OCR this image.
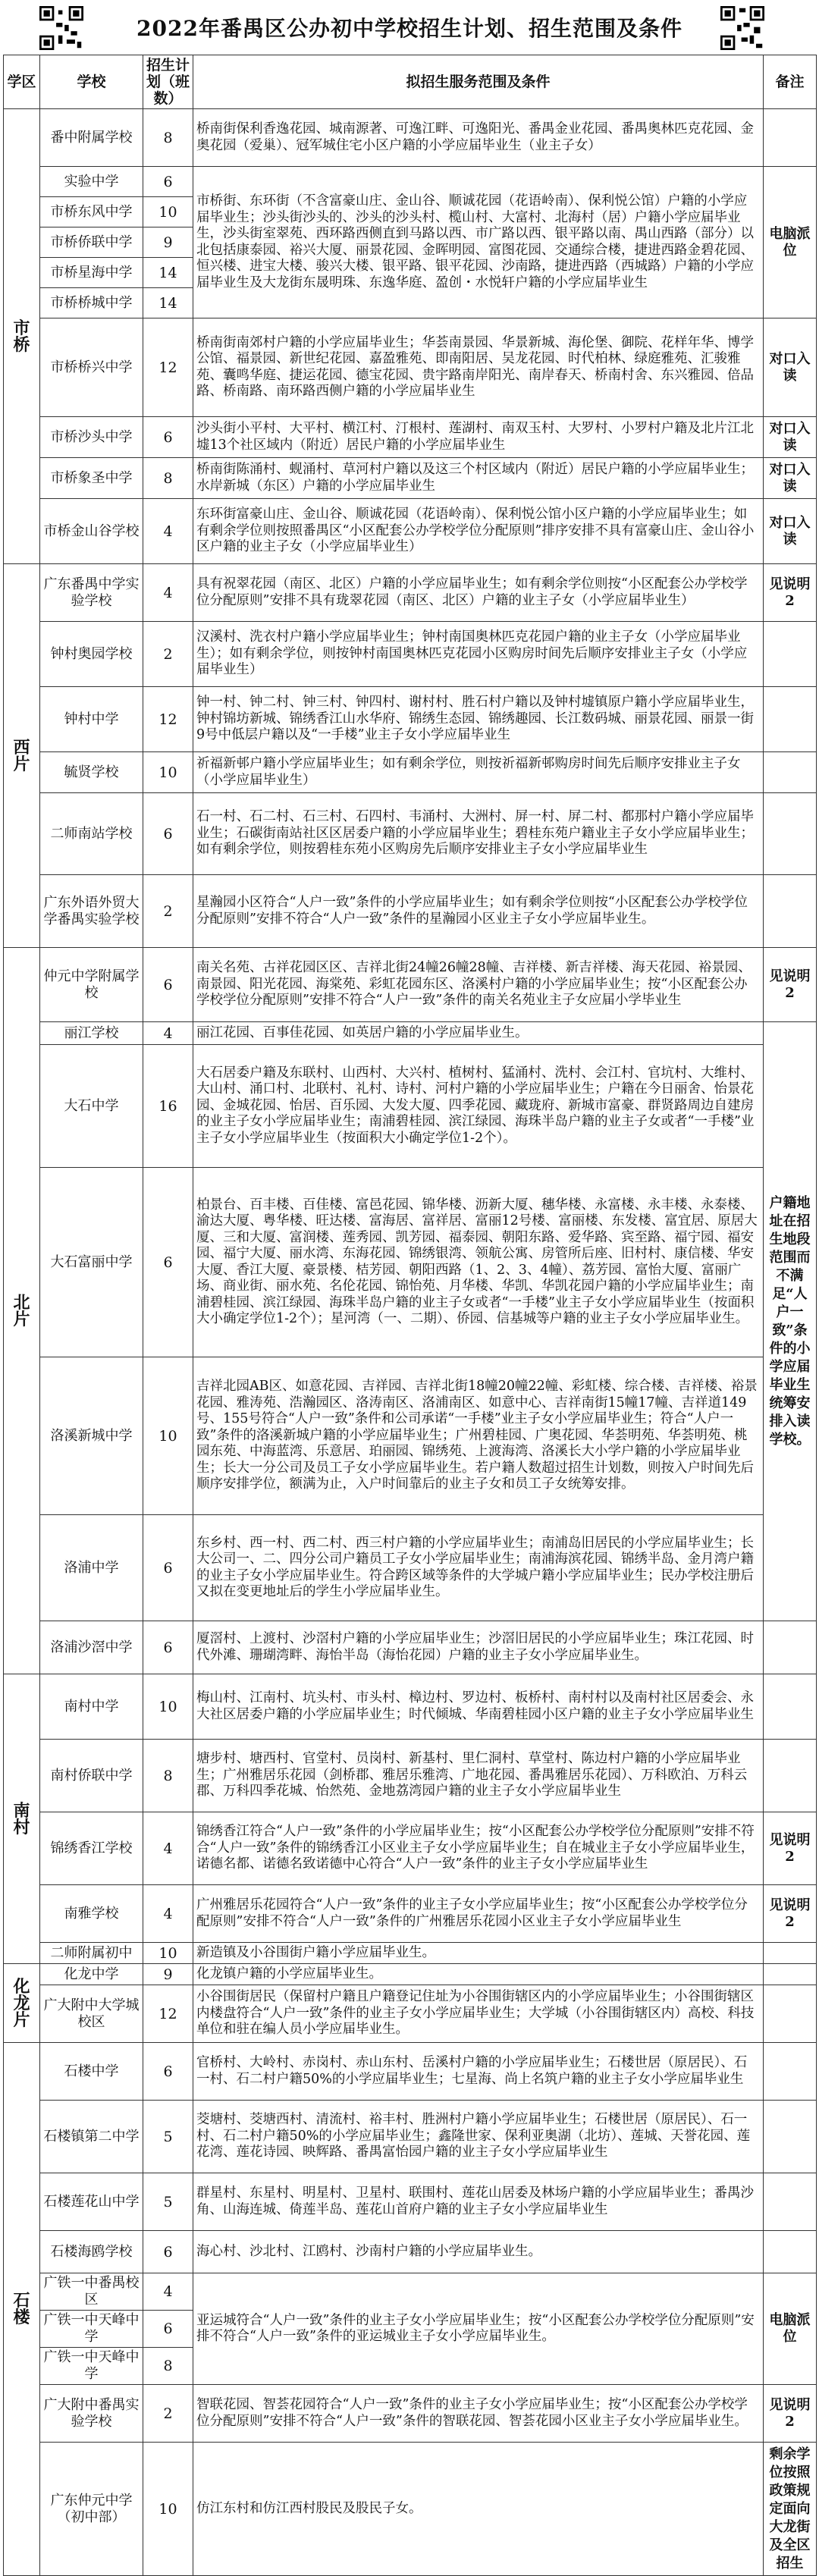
2022年番禺区公办初中学校招生计划、招生范围及条件
学区	学校	招生计划（班数）	拟招生服务范围及条件	备注
市桥	番中附属学校	8	桥南街保利香逸花园、城南源著、可逸江畔、可逸阳光、番禺金业花园、番禺奥林匹克花园、金奥花园（爱巢）、冠军城住宅小区户籍的小学应届毕业生（业主子女）	
	实验中学	6	市桥街、东环街（不含富豪山庄、金山谷、顺诚花园（花语岭南）、保利悦公馆）户籍的小学应届毕业生；沙头街沙头的、沙头的沙头村、榄山村、大富村、北海村（居）户籍小学应届毕业生，沙头街室翠苑、西环路西侧直到马路以西、市广路以西、银平路以南、禺山西路（部分）以北包括康泰园、裕兴大厦、丽景花园、金晖明园、富图花园、交通综合楼，捷进西路金碧花园、恒兴楼、进宝大楼、骏兴大楼、银平路、银平花园、沙南路，捷进西路（西城路）户籍的小学应届毕业生及大龙街东晟明珠、东逸华庭、盈创・水悦轩户籍的小学应届毕业生	电脑派位
	市桥东风中学	10		
	市桥侨联中学	9		
	市桥星海中学	14		
	市桥桥城中学	14		
	市桥桥兴中学	12	桥南街南郊村户籍的小学应届毕业生；华荟南景园、华景新城、海伦堡、御院、花样年华、博学公馆、福景园、新世纪花园、嘉盈雅苑、即南阳居、吴龙花园、时代柏林、绿庭雅苑、汇骏雅苑、囊鸣华庭、捷运花园、德宝花园、贵宇路南岸阳光、南岸春天、桥南村舍、东兴雅园、倍品路、桥南路、南环路西侧户籍的小学应届毕业生	对口入读
	市桥沙头中学	6	沙头街小平村、大平村、横江村、汀根村、莲湖村、南双玉村、大罗村、小罗村户籍及北片江北墟13个社区域内（附近）居民户籍的小学应届毕业生	对口入读
	市桥象圣中学	8	桥南街陈涌村、蚬涌村、草河村户籍以及这三个村区域内（附近）居民户籍的小学应届毕业生；水岸新城（东区）户籍的小学应届毕业生	对口入读
	市桥金山谷学校	4	东环街富豪山庄、金山谷、顺诚花园（花语岭南）、保利悦公馆小区户籍的小学应届毕业生；如有剩余学位则按照番禺区“小区配套公办学校学位分配原则”排序安排不具有富豪山庄、金山谷小区户籍的业主子女（小学应届毕业生）	对口入读
西片	广东番禺中学实验学校	4	具有祝翠花园（南区、北区）户籍的小学应届毕业生；如有剩余学位则按“小区配套公办学校学位分配原则”安排不具有珑翠花园（南区、北区）户籍的业主子女（小学应届毕业生）	见说明2
	钟村奥园学校	2	汉溪村、洗衣村户籍小学应届毕业生；钟村南国奥林匹克花园户籍的业主子女（小学应届毕业生）；如有剩余学位，则按钟村南国奥林匹克花园小区购房时间先后顺序安排业主子女（小学应届毕业生）	
	钟村中学	12	钟一村、钟二村、钟三村、钟四村、谢村村、胜石村户籍以及钟村墟镇原户籍小学应届毕业生，钟村锦坊新城、锦绣香江山水华府、锦绣生态园、锦绣趣园、长江数码城、丽景花园、丽景一街9号中低层户籍以及“一手楼”业主子女小学应届毕业生	
	毓贤学校	10	祈福新邨户籍小学应届毕业生；如有剩余学位，则按祈福新邨购房时间先后顺序安排业主子女（小学应届毕业生）	
	二师南站学校	6	石一村、石二村、石三村、石四村、韦涌村、大洲村、屏一村、屏二村、都那村户籍小学应届毕业生；石碳街南站社区区居委户籍的小学应届毕业生；碧桂东苑户籍业主子女小学应届毕业生；如有剩余学位，则按碧桂东苑小区购房先后顺序安排业主子女小学应届毕业生	
	广东外语外贸大学番禺实验学校	2	星瀚园小区符合“人户一致”条件的小学应届毕业生；如有剩余学位则按“小区配套公办学校学位分配原则”安排不符合“人户一致”条件的星瀚园小区业主子女小学应届毕业生。	
北片	仲元中学附属学校	6	南关名苑、古祥花园区区、吉祥北街24幢26幢28幢、吉祥楼、新吉祥楼、海天花园、裕景园、南景园、阳光花园、海棠苑、彩虹花园东区、洛溪村户籍的小学应届毕业生；按“小区配套公办学校学位分配原则”安排不符合“人户一致”条件的南关名苑业主子女应届小学毕业生	见说明2
	丽江学校	4	丽江花园、百事佳花园、如英居户籍的小学应届毕业生。	户籍地址在招生地段范围而不满足“人户一致”条件的小学应届毕业生统筹安排入读学校。
	大石中学	16	大石居委户籍及东联村、山西村、大兴村、植树村、猛涌村、洗村、会江村、官坑村、大维村、大山村、涌口村、北联村、礼村、诗村、河村户籍的小学应届毕业生；户籍在今日丽舍、怡景花园、金城花园、怡居、百乐园、大发大厦、四季花园、藏珑府、新城市富豪、群贤路周边自建房的业主子女小学应届毕业生；南浦碧桂园、滨江绿园、海珠半岛户籍的业主子女或者“一手楼”业主子女小学应届毕业生（按面积大小确定学位1-2个）。	
	大石富丽中学	6	柏景台、百丰楼、百佳楼、富邑花园、锦华楼、沥新大厦、穗华楼、永富楼、永丰楼、永泰楼、渝达大厦、粤华楼、旺达楼、富海居、富祥居、富丽12号楼、富丽楼、东发楼、富宜居、原居大厦、三和大厦、富润楼、莲秀园、凯芳园、福泰园、朝阳东路、爱华路、宾至路、福宁园、福安园、福宁大厦、丽水湾、东海花园、锦绣银湾、领航公寓、房管所后座、旧村村、康信楼、华安大厦、香江大厦、豪景楼、桔芳园、朝阳西路（1、2、3、4幢）、荔芳园、富怡大厦、富丽广场、商业街、丽水苑、名伦花园、锦怡苑、月华楼、华凯、华凯花园户籍的小学应届毕业生；南浦碧桂园、滨江绿园、海珠半岛户籍的业主子女或者“一手楼”业主子女小学应届毕业生（按面积大小确定学位1-2个）；星河湾（一、二期）、侨园、信基城等户籍的业主子女小学应届毕业生。	
	洛溪新城中学	10	吉祥北园AB区、如意花园、吉祥园、吉祥北街18幢20幢22幢、彩虹楼、综合楼、吉祥楼、裕景花园、雅涛苑、浩瀚园区、洛涛南区、洛浦南区、如意中心、吉祥南街15幢17幢、吉祥道149号、155号符合“人户一致”条件和公司承诺“一手楼”业主子女小学应届毕业生；符合“人户一致”条件的洛溪新城户籍的小学应届毕业生；广州碧桂园、广奥花园、华荟明苑、华荟明苑、桃园东苑、中海蓝湾、乐意居、珀丽园、锦绣苑、上渡海湾、洛溪长大小学户籍的小学应届毕业生；长大一分公司及员工子女小学应届毕业生。若户籍人数超过招生计划数，则按入户时间先后顺序安排学位，额满为止，入户时间靠后的业主子女和员工子女统筹安排。	
	洛浦中学	6	东乡村、西一村、西二村、西三村户籍的小学应届毕业生；南浦岛旧居民的小学应届毕业生；长大公司一、二、四分公司户籍员工子女小学应届毕业生；南浦海滨花园、锦绣半岛、金月湾户籍的业主子女小学应届毕业生。符合跨区域等条件的大学城户籍小学应届毕业生；民办学校注册后又拟在变更地址后的学生小学应届毕业生。	
	洛浦沙滘中学	6	厦滘村、上渡村、沙滘村户籍的小学应届毕业生；沙滘旧居民的小学应届毕业生；珠江花园、时代外滩、珊瑚湾畔、海怡半岛（海怡花园）户籍的业主子女小学应届毕业生。	
南村	南村中学	10	梅山村、江南村、坑头村、市头村、樟边村、罗边村、板桥村、南村村以及南村社区居委会、永大社区居委户籍的小学应届毕业生；时代倾城、华南碧桂园小区户籍的业主子女小学应届毕业生	
	南村侨联中学	8	塘步村、塘西村、官堂村、员岗村、新基村、里仁洞村、草堂村、陈边村户籍的小学应届毕业生；广州雅居乐花园（剑桥郡、雅居乐雅湾、广地花园、番禺雅居乐花园）、万科欧泊、万科云郡、万科四季花城、怡然苑、金地荔湾园户籍的业主子女小学应届毕业生	
	锦绣香江学校	4	锦绣香江符合“人户一致”条件的小学应届毕业生；按“小区配套公办学校学位分配原则”安排不符合“人户一致”条件的锦绣香江小区业主子女小学应届毕业生；自在城业主子女小学应届毕业生，诺德名都、诺德名致诺德中心符合“人户一致”条件的业主子女小学应届毕业生	见说明2
	南雅学校	4	广州雅居乐花园符合“人户一致”条件的业主子女小学应届毕业生；按“小区配套公办学校学位分配原则”安排不符合“人户一致”条件的广州雅居乐花园小区业主子女小学应届毕业生	见说明2
	二师附属初中	10	新造镇及小谷围街户籍小学应届毕业生。	
化龙片	化龙中学	9	化龙镇户籍的小学应届毕业生。	
	广大附中大学城校区	12	小谷围街居民（保留村户籍且户籍登记住址为小谷围街辖区内的小学应届毕业生；小谷围街辖区内楼盘符合“人户一致”条件的业主子女小学应届毕业生；大学城（小谷围街辖区内）高校、科技单位和驻在编人员小学应届毕业生。	
石楼	石楼中学	6	官桥村、大岭村、赤岗村、赤山东村、岳溪村户籍的小学应届毕业生；石楼世居（原居民）、石一村、石二村户籍50%的小学应届毕业生；七星海、尚上名筑户籍的业主子女小学应届毕业生	
	石楼镇第二中学	5	茭塘村、茭塘西村、清流村、裕丰村、胜洲村户籍小学应届毕业生；石楼世居（原居民）、石一村、石二村户籍50%的小学应届毕业生；鑫隆世家、保利亚奥湖（北坊）、莲城、天誉花园、莲花湾、莲花诗园、映辉路、番禺富怡园户籍的业主子女小学应届毕业生	
	石楼莲花山中学	5	群星村、东星村、明星村、卫星村、联围村、莲花山居委及林场户籍的小学应届毕业生；番禺沙角、山海连城、倚莲半岛、莲花山首府户籍的业主子女小学应届毕业生	
	石楼海鸥学校	6	海心村、沙北村、江鸥村、沙南村户籍的小学应届毕业生。	
	广铁一中番禺校区	4	亚运城符合“人户一致”条件的业主子女小学应届毕业生；按“小区配套公办学校学位分配原则”安排不符合“人户一致”条件的亚运城业主子女小学应届毕业生。	电脑派位
	广铁一中天峰中学	6		
	广铁一中天峰中学	8		
	广大附中番禺实验学校	2	智联花园、智荟花园符合“人户一致”条件的业主子女小学应届毕业生；按“小区配套公办学校学位分配原则”安排不符合“人户一致”条件的智联花园、智荟花园小区业主子女小学应届毕业生。	见说明2
	广东仲元中学（初中部）	10	仿江东村和仿江西村股民及股民子女。	剩余学位按照政策规定面向大龙街及全区招生
